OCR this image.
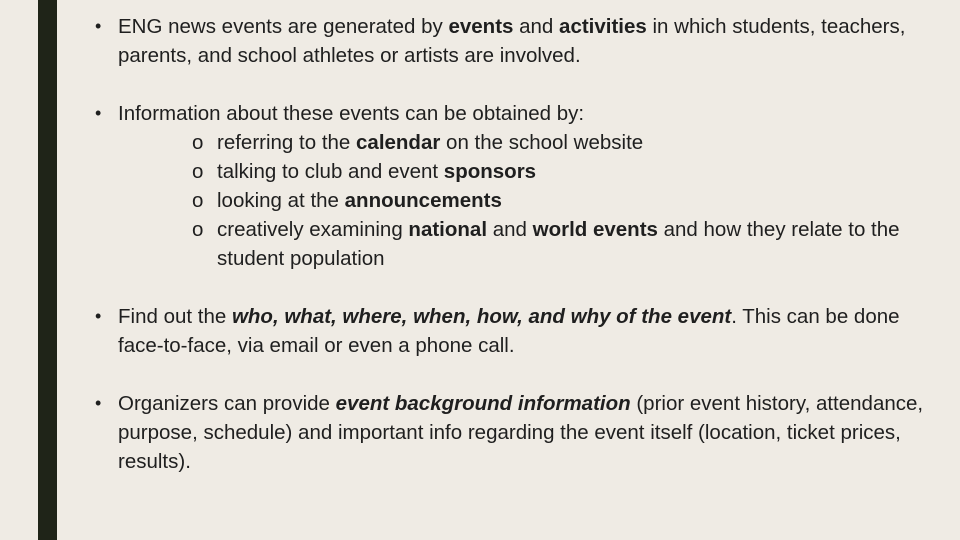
• ENG news events are generated by events and activities in which students, teachers, parents, and school athletes or artists are involved.

• Information about these events can be obtained by:
o referring to the calendar on the school website
o talking to club and event sponsors
o looking at the announcements
o creatively examining national and world events and how they relate to the student population

• Find out the who, what, where, when, how, and why of the event. This can be done face-to-face, via email or even a phone call.

• Organizers can provide event background information (prior event history, attendance, purpose, schedule) and important info regarding the event itself (location, ticket prices, results).
